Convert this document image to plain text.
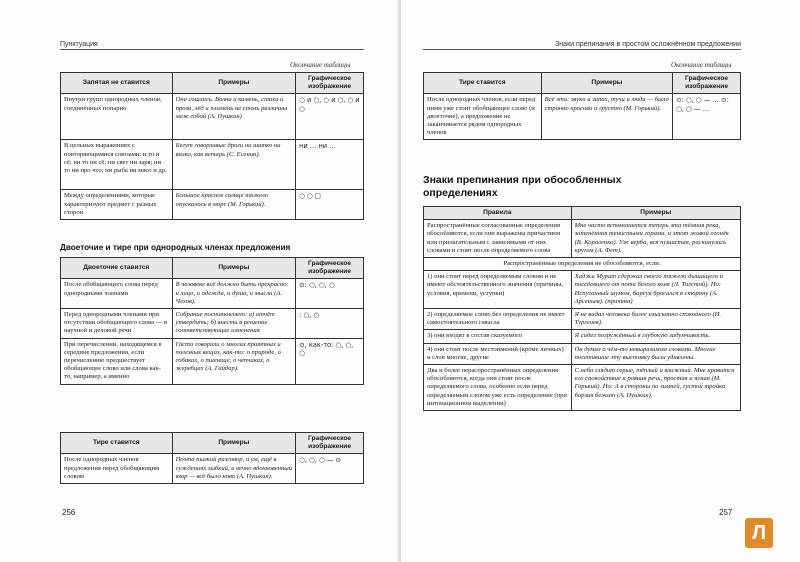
Пунктуация
Окончание таблицы
Запятая не ставится	Примеры	Графическое изображение
Внутри групп однородных членов, соединённых попарно	Они сошлись. Волна и камень, стихи и проза, лёд и пламень не столь различны меж собой (А. Пушкин)	○ и ○, ○ и ○, ○ и ○
В цельных выражениях с повторяющимися союзами: и то и сё; ни то ни сё; ни свет ни заря; ни то ни про что; ни рыба ни мясо и др.	Бегут говорливые дроги ни шатко ни валко, как ветарь (С. Есенин).	ни … ни …
Между определениями, которые характеризуют предмет с разных сторон	Большое красное солнце тяжело опускалось в море (М. Горький).	○ ○ □
Двоеточие и тире при однородных членах предложения
Двоеточие ставится	Примеры	Графическое изображение
После обобщающего слова перед однородными членами	В человеке всё должно быть прекрасно: и лицо, и одежда, и душа, и мысли (А. Чехов).	⊙: ○, ○, ○
Перед однородными членами при отсутствии обобщающего слова — в научной и деловой речи	Собрание постановляет: а) отчёт утвердить; б) внести в решение соответствующие изменения	: ○, ○
При перечислении, находящемся в середине предложения, если перечислению предшествует обобщающее слово или слова как-то, например, а именно	Гости говорили о многих приятных и полезных вещах, как-то: о природе, о собаках, о пшенице, о чепчиках, о жеребцах (А. Гайдар).	⊙, как-то: ○, ○, ○
Тире ставится	Примеры	Графическое изображение
После однородных членов предложения перед обобщающим словом	Поэта пылкий разговор, и ум, ещё в суждениях зыбкий, и вечно вдохновенный взор — всё было ново (А. Пушкин).	○, ○, ○ — ⊙
256
Знаки препинания в простом осложнённом предложении
Окончание таблицы
Тире ставится	Примеры	Графическое изображение
После однородных членов, если перед ними уже стоит обобщающее слово (и двоеточие), а предложение не заканчивается рядом однородных членов	Всё это: звуки и запах, тучи и люди — было странно красиво и грустно (М. Горький).	⊙: ○, ○ — … ⊙: ○, ○ — …
Знаки препинания при обособленных определениях
Правила	Примеры
Распространённые согласованные определения обособляются, если они выражены причастием или прилагательным с зависимыми от них словами и стоят после определяемого слова	Мне часто вспоминается теперь эта тёмная река, затенённая тенистыми горами, и этот живой огонёк (В. Короленко). Уж верба, вся пушистая, раскинулась кругом (А. Фет).
Распространённые определения не обособляются, если:	
1) они стоят перед определяемым словом и не имеют обстоятельственного значения (причины, условия, времени, уступки)	Хаджи Мурат сдержал своего тяжело дышащего и поседевшего от пота белого коня (Л. Толстой). Но: Испуганный шумом, барсук бросился в сторону (А. Арсеньев). (причина)
2) определяемое слово без определения не имеет самостоятельного смысла	Я не видал человека более изысканно спокойного (И. Тургенев).
3) они входят в состав сказуемого	Я сидел погружённый в глубокую задумчивость.
4) они стоят после местоимений (кроме личных) и слов многие, другие	Он думал о чём-то невыразимом словами. Многие посетившие эту выставку были удивлены.
Два и более нераспространённых определения обособляются, когда они стоят после определяемого слова, особенно если перед определяемым словом уже есть определение (при интонационном выделении)	С неба глядит серые, тёплый и влажный. Мне нравится его спокойствие и ровная речь, простая и ясная (М. Горький). Но: А в стороны по зимней, густой тройка борзая бежит (А. Пушкин).
257
Л
